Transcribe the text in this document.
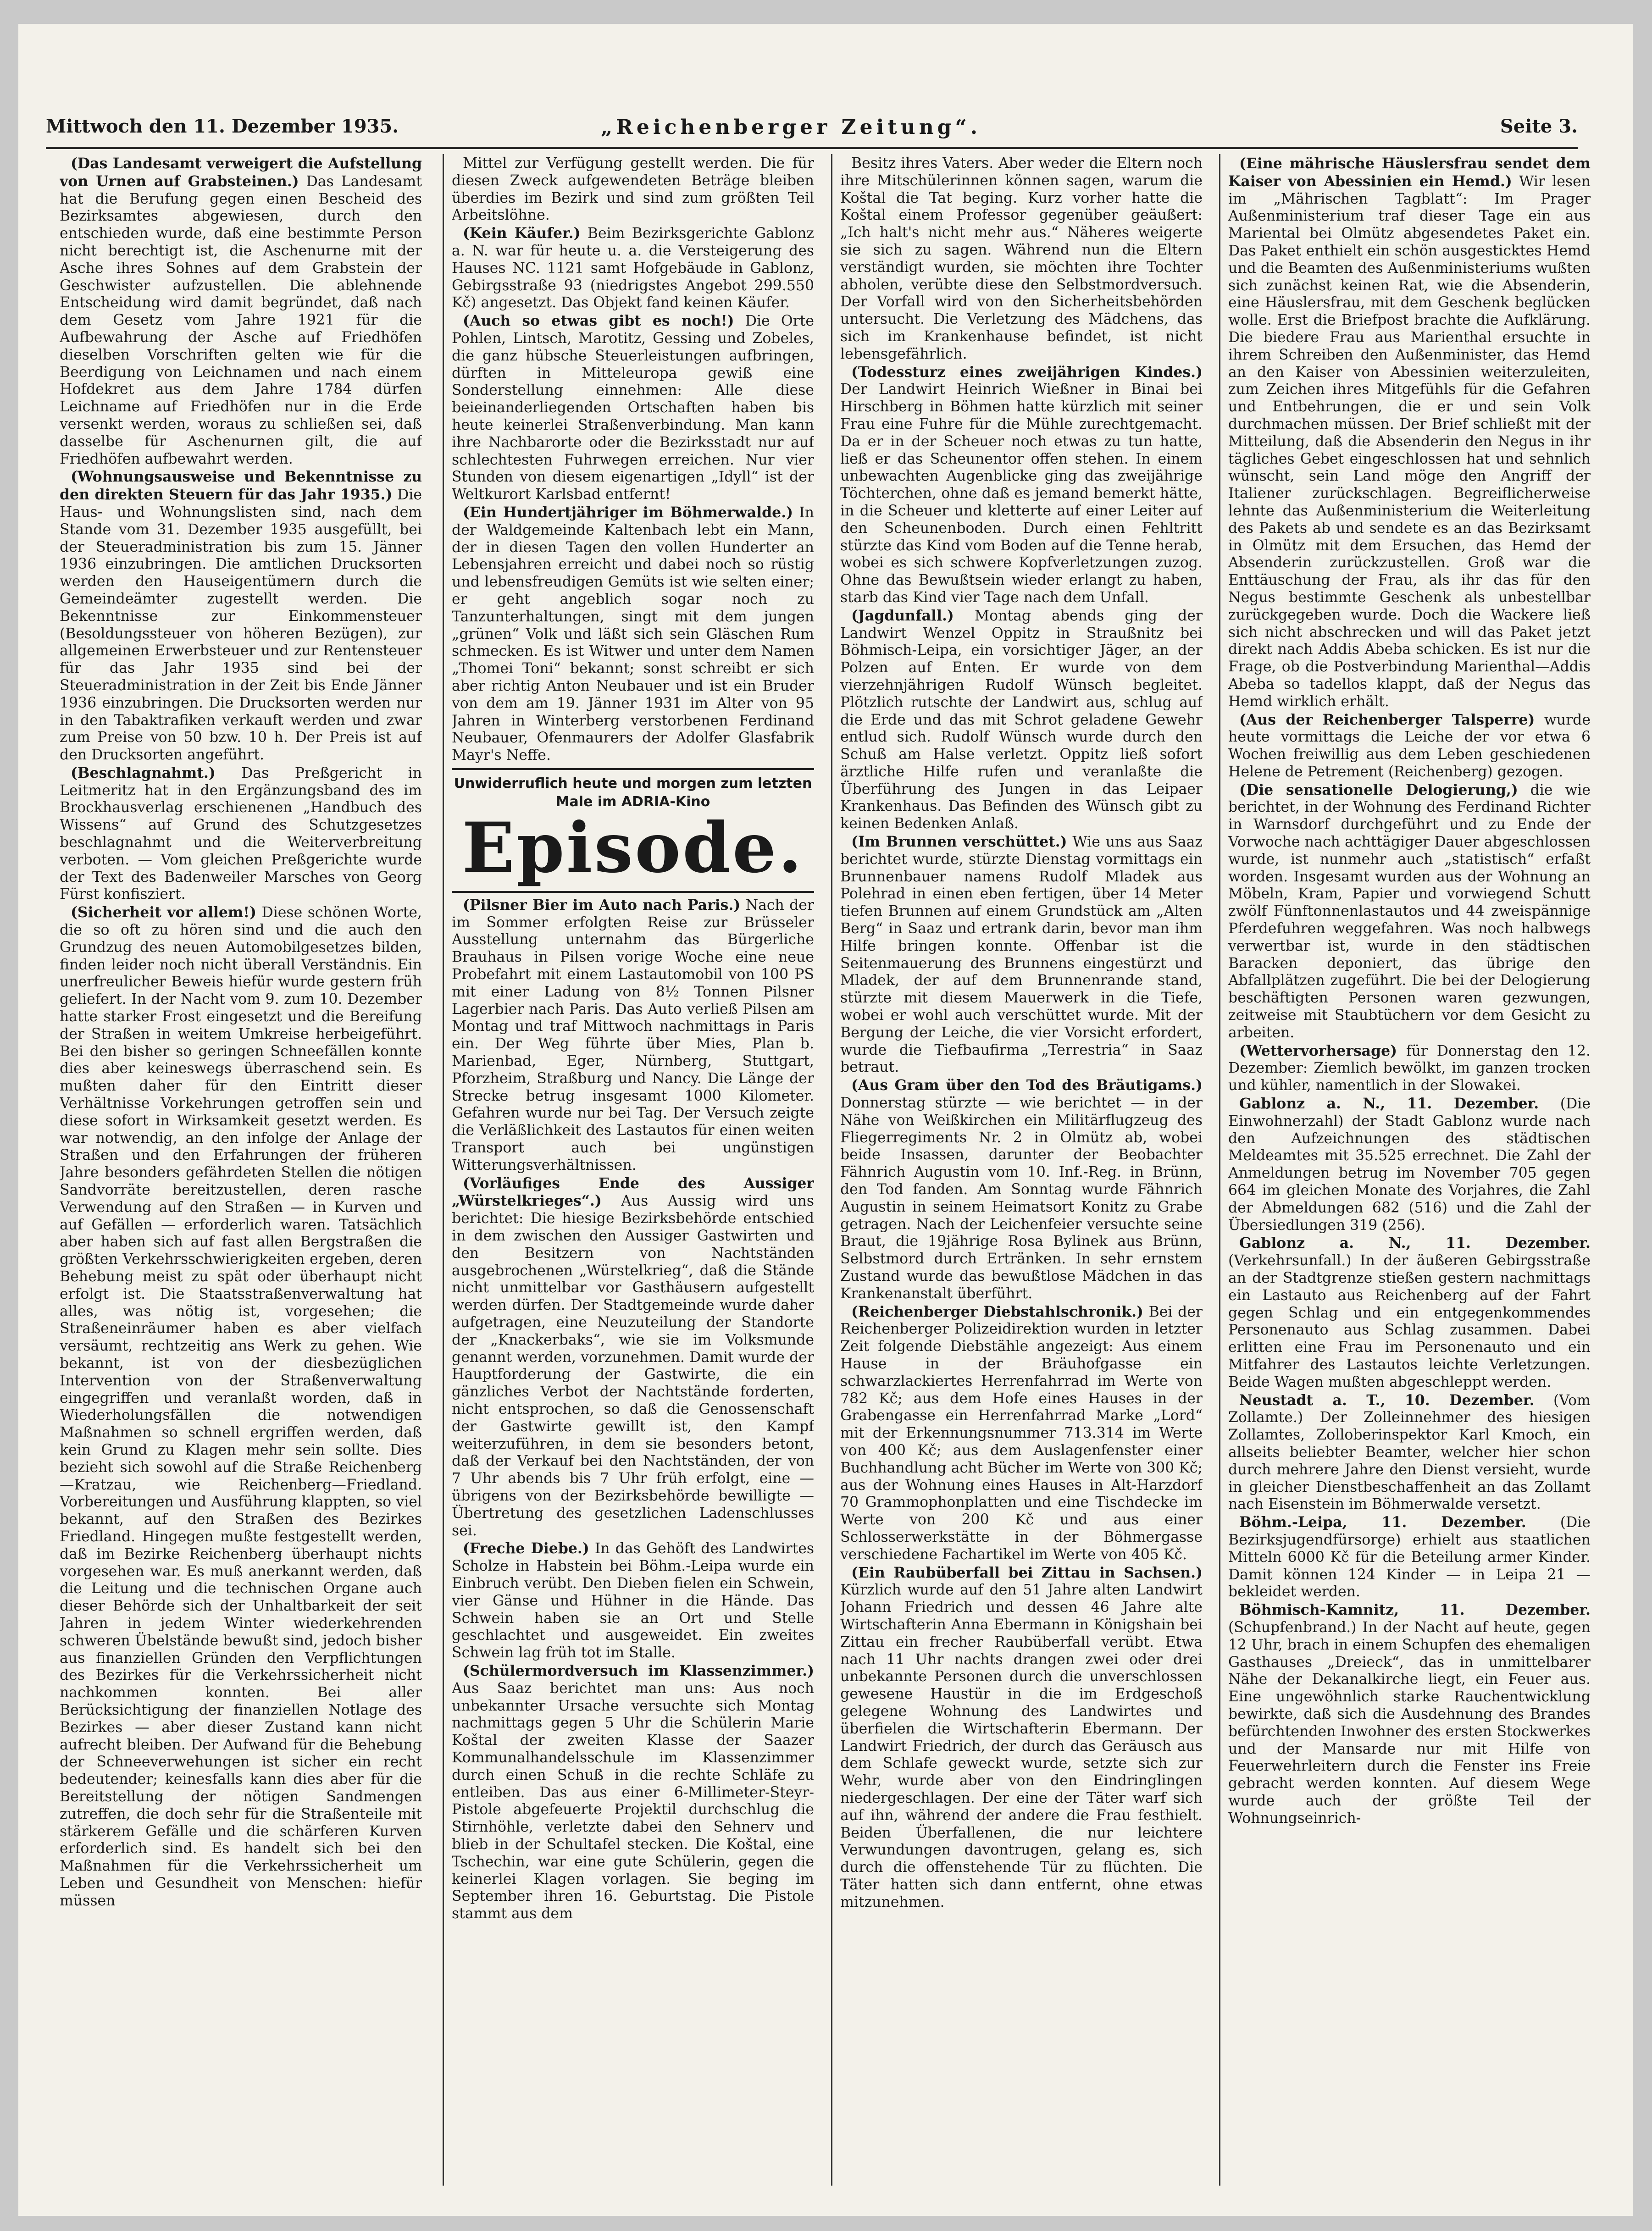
Mittwoch den 11. Dezember 1935.	„Reichenberger Zeitung“.	Seite 3.

(Das Landesamt verweigert die Aufstellung von Urnen auf Grabsteinen.) Das Landesamt hat die Berufung gegen einen Bescheid des Bezirksamtes abgewiesen, durch den entschieden wurde, daß eine bestimmte Person nicht berechtigt ist, die Aschenurne mit der Asche ihres Sohnes auf dem Grabstein der Geschwister aufzustellen. Die ablehnende Entscheidung wird damit begründet, daß nach dem Gesetz vom Jahre 1921 für die Aufbewahrung der Asche auf Friedhöfen dieselben Vorschriften gelten wie für die Beerdigung von Leichnamen und nach einem Hofdekret aus dem Jahre 1784 dürfen Leichname auf Friedhöfen nur in die Erde versenkt werden, woraus zu schließen sei, daß dasselbe für Aschenurnen gilt, die auf Friedhöfen aufbewahrt werden.

(Wohnungsausweise und Bekenntnisse zu den direkten Steuern für das Jahr 1935.) Die Haus- und Wohnungslisten sind, nach dem Stande vom 31. Dezember 1935 ausgefüllt, bei der Steueradministration bis zum 15. Jänner 1936 einzubringen. Die amtlichen Drucksorten werden den Hauseigentümern durch die Gemeindeämter zugestellt werden. Die Bekenntnisse zur Einkommensteuer (Besoldungssteuer von höheren Bezügen), zur allgemeinen Erwerbsteuer und zur Rentensteuer für das Jahr 1935 sind bei der Steueradministration in der Zeit bis Ende Jänner 1936 einzubringen. Die Drucksorten werden nur in den Tabaktrafiken verkauft werden und zwar zum Preise von 50 bzw. 10 h. Der Preis ist auf den Drucksorten angeführt.

(Beschlagnahmt.) Das Preßgericht in Leitmeritz hat in den Ergänzungsband des im Brockhausverlag erschienenen „Handbuch des Wissens“ auf Grund des Schutzgesetzes beschlagnahmt und die Weiterverbreitung verboten. — Vom gleichen Preßgerichte wurde der Text des Badenweiler Marsches von Georg Fürst konfisziert.

(Sicherheit vor allem!) Diese schönen Worte, die so oft zu hören sind und die auch den Grundzug des neuen Automobilgesetzes bilden, finden leider noch nicht überall Verständnis. Ein unerfreulicher Beweis hiefür wurde gestern früh geliefert. In der Nacht vom 9. zum 10. Dezember hatte starker Frost eingesetzt und die Bereifung der Straßen in weitem Umkreise herbeigeführt. Bei den bisher so geringen Schneefällen konnte dies aber keineswegs überraschend sein. Es mußten daher für den Eintritt dieser Verhältnisse Vorkehrungen getroffen sein und diese sofort in Wirksamkeit gesetzt werden. Es war notwendig, an den infolge der Anlage der Straßen und den Erfahrungen der früheren Jahre besonders gefährdeten Stellen die nötigen Sandvorräte bereitzustellen, deren rasche Verwendung auf den Straßen — in Kurven und auf Gefällen — erforderlich waren. Tatsächlich aber haben sich auf fast allen Bergstraßen die größten Verkehrsschwierigkeiten ergeben, deren Behebung meist zu spät oder überhaupt nicht erfolgt ist. Die Staatsstraßenverwaltung hat alles, was nötig ist, vorgesehen; die Straßeneinräumer haben es aber vielfach versäumt, rechtzeitig ans Werk zu gehen. Wie bekannt, ist von der diesbezüglichen Intervention von der Straßenverwaltung eingegriffen und veranlaßt worden, daß in Wiederholungsfällen die notwendigen Maßnahmen so schnell ergriffen werden, daß kein Grund zu Klagen mehr sein sollte. Dies bezieht sich sowohl auf die Straße Reichenberg—Kratzau, wie Reichenberg—Friedland. Vorbereitungen und Ausführung klappten, so viel bekannt, auf den Straßen des Bezirkes Friedland. Hingegen mußte festgestellt werden, daß im Bezirke Reichenberg überhaupt nichts vorgesehen war. Es muß anerkannt werden, daß die Leitung und die technischen Organe auch dieser Behörde sich der Unhaltbarkeit der seit Jahren in jedem Winter wiederkehrenden schweren Übelstände bewußt sind, jedoch bisher aus finanziellen Gründen den Verpflichtungen des Bezirkes für die Verkehrssicherheit nicht nachkommen konnten. Bei aller Berücksichtigung der finanziellen Notlage des Bezirkes — aber dieser Zustand kann nicht aufrecht bleiben. Der Aufwand für die Behebung der Schneeverwehungen ist sicher ein recht bedeutender; keinesfalls kann dies aber für die Bereitstellung der nötigen Sandmengen zutreffen, die doch sehr für die Straßenteile mit stärkerem Gefälle und die schärferen Kurven erforderlich sind. Es handelt sich bei den Maßnahmen für die Verkehrssicherheit um Leben und Gesundheit von Menschen: hiefür müssen

Mittel zur Verfügung gestellt werden. Die für diesen Zweck aufgewendeten Beträge bleiben überdies im Bezirk und sind zum größten Teil Arbeitslöhne.

(Kein Käufer.) Beim Bezirksgerichte Gablonz a. N. war für heute u. a. die Versteigerung des Hauses NC. 1121 samt Hofgebäude in Gablonz, Gebirgsstraße 93 (niedrigstes Angebot 299.550 Kč) angesetzt. Das Objekt fand keinen Käufer.

(Auch so etwas gibt es noch!) Die Orte Pohlen, Lintsch, Marotitz, Gessing und Zobeles, die ganz hübsche Steuerleistungen aufbringen, dürften in Mitteleuropa gewiß eine Sonderstellung einnehmen: Alle diese beieinanderliegenden Ortschaften haben bis heute keinerlei Straßenverbindung. Man kann ihre Nachbarorte oder die Bezirksstadt nur auf schlechtesten Fuhrwegen erreichen. Nur vier Stunden von diesem eigenartigen „Idyll“ ist der Weltkurort Karlsbad entfernt!

(Ein Hundertjähriger im Böhmerwalde.) In der Waldgemeinde Kaltenbach lebt ein Mann, der in diesen Tagen den vollen Hunderter an Lebensjahren erreicht und dabei noch so rüstig und lebensfreudigen Gemüts ist wie selten einer; er geht angeblich sogar noch zu Tanzunterhaltungen, singt mit dem jungen „grünen“ Volk und läßt sich sein Gläschen Rum schmecken. Es ist Witwer und unter dem Namen „Thomei Toni“ bekannt; sonst schreibt er sich aber richtig Anton Neubauer und ist ein Bruder von dem am 19. Jänner 1931 im Alter von 95 Jahren in Winterberg verstorbenen Ferdinand Neubauer, Ofenmaurers der Adolfer Glasfabrik Mayr's Neffe.

Unwiderruflich heute und morgen zum letzten
Male im ADRIA-Kino
Episode.

(Pilsner Bier im Auto nach Paris.) Nach der im Sommer erfolgten Reise zur Brüsseler Ausstellung unternahm das Bürgerliche Brauhaus in Pilsen vorige Woche eine neue Probefahrt mit einem Lastautomobil von 100 PS mit einer Ladung von 8½ Tonnen Pilsner Lagerbier nach Paris. Das Auto verließ Pilsen am Montag und traf Mittwoch nachmittags in Paris ein. Der Weg führte über Mies, Plan b. Marienbad, Eger, Nürnberg, Stuttgart, Pforzheim, Straßburg und Nancy. Die Länge der Strecke betrug insgesamt 1000 Kilometer. Gefahren wurde nur bei Tag. Der Versuch zeigte die Verläßlichkeit des Lastautos für einen weiten Transport auch bei ungünstigen Witterungsverhältnissen.

(Vorläufiges Ende des Aussiger „Würstelkrieges“.) Aus Aussig wird uns berichtet: Die hiesige Bezirksbehörde entschied in dem zwischen den Aussiger Gastwirten und den Besitzern von Nachtständen ausgebrochenen „Würstelkrieg“, daß die Stände nicht unmittelbar vor Gasthäusern aufgestellt werden dürfen. Der Stadtgemeinde wurde daher aufgetragen, eine Neuzuteilung der Standorte der „Knackerbaks“, wie sie im Volksmunde genannt werden, vorzunehmen. Damit wurde der Hauptforderung der Gastwirte, die ein gänzliches Verbot der Nachtstände forderten, nicht entsprochen, so daß die Genossenschaft der Gastwirte gewillt ist, den Kampf weiterzuführen, in dem sie besonders betont, daß der Verkauf bei den Nachtständen, der von 7 Uhr abends bis 7 Uhr früh erfolgt, eine — übrigens von der Bezirksbehörde bewilligte — Übertretung des gesetzlichen Ladenschlusses sei.

(Freche Diebe.) In das Gehöft des Landwirtes Scholze in Habstein bei Böhm.-Leipa wurde ein Einbruch verübt. Den Dieben fielen ein Schwein, vier Gänse und Hühner in die Hände. Das Schwein haben sie an Ort und Stelle geschlachtet und ausgeweidet. Ein zweites Schwein lag früh tot im Stalle.

(Schülermordversuch im Klassenzimmer.) Aus Saaz berichtet man uns: Aus noch unbekannter Ursache versuchte sich Montag nachmittags gegen 5 Uhr die Schülerin Marie Koštal der zweiten Klasse der Saazer Kommunalhandelsschule im Klassenzimmer durch einen Schuß in die rechte Schläfe zu entleiben. Das aus einer 6-Millimeter-Steyr-Pistole abgefeuerte Projektil durchschlug die Stirnhöhle, verletzte dabei den Sehnerv und blieb in der Schultafel stecken. Die Koštal, eine Tschechin, war eine gute Schülerin, gegen die keinerlei Klagen vorlagen. Sie beging im September ihren 16. Geburtstag. Die Pistole stammt aus dem

Besitz ihres Vaters. Aber weder die Eltern noch ihre Mitschülerinnen können sagen, warum die Koštal die Tat beging. Kurz vorher hatte die Koštal einem Professor gegenüber geäußert: „Ich halt's nicht mehr aus.“ Näheres weigerte sie sich zu sagen. Während nun die Eltern verständigt wurden, sie möchten ihre Tochter abholen, verübte diese den Selbstmordversuch. Der Vorfall wird von den Sicherheitsbehörden untersucht. Die Verletzung des Mädchens, das sich im Krankenhause befindet, ist nicht lebensgefährlich.

(Todessturz eines zweijährigen Kindes.) Der Landwirt Heinrich Wießner in Binai bei Hirschberg in Böhmen hatte kürzlich mit seiner Frau eine Fuhre für die Mühle zurechtgemacht. Da er in der Scheuer noch etwas zu tun hatte, ließ er das Scheunentor offen stehen. In einem unbewachten Augenblicke ging das zweijährige Töchterchen, ohne daß es jemand bemerkt hätte, in die Scheuer und kletterte auf einer Leiter auf den Scheunenboden. Durch einen Fehltritt stürzte das Kind vom Boden auf die Tenne herab, wobei es sich schwere Kopfverletzungen zuzog. Ohne das Bewußtsein wieder erlangt zu haben, starb das Kind vier Tage nach dem Unfall.

(Jagdunfall.) Montag abends ging der Landwirt Wenzel Oppitz in Straußnitz bei Böhmisch-Leipa, ein vorsichtiger Jäger, an der Polzen auf Enten. Er wurde von dem vierzehnjährigen Rudolf Wünsch begleitet. Plötzlich rutschte der Landwirt aus, schlug auf die Erde und das mit Schrot geladene Gewehr entlud sich. Rudolf Wünsch wurde durch den Schuß am Halse verletzt. Oppitz ließ sofort ärztliche Hilfe rufen und veranlaßte die Überführung des Jungen in das Leipaer Krankenhaus. Das Befinden des Wünsch gibt zu keinen Bedenken Anlaß.

(Im Brunnen verschüttet.) Wie uns aus Saaz berichtet wurde, stürzte Dienstag vormittags ein Brunnenbauer namens Rudolf Mladek aus Polehrad in einen eben fertigen, über 14 Meter tiefen Brunnen auf einem Grundstück am „Alten Berg“ in Saaz und ertrank darin, bevor man ihm Hilfe bringen konnte. Offenbar ist die Seitenmauerung des Brunnens eingestürzt und Mladek, der auf dem Brunnenrande stand, stürzte mit diesem Mauerwerk in die Tiefe, wobei er wohl auch verschüttet wurde. Mit der Bergung der Leiche, die vier Vorsicht erfordert, wurde die Tiefbaufirma „Terrestria“ in Saaz betraut.

(Aus Gram über den Tod des Bräutigams.) Donnerstag stürzte — wie berichtet — in der Nähe von Weißkirchen ein Militärflugzeug des Fliegerregiments Nr. 2 in Olmütz ab, wobei beide Insassen, darunter der Beobachter Fähnrich Augustin vom 10. Inf.-Reg. in Brünn, den Tod fanden. Am Sonntag wurde Fähnrich Augustin in seinem Heimatsort Konitz zu Grabe getragen. Nach der Leichenfeier versuchte seine Braut, die 19jährige Rosa Bylinek aus Brünn, Selbstmord durch Ertränken. In sehr ernstem Zustand wurde das bewußtlose Mädchen in das Krankenanstalt überführt.

(Reichenberger Diebstahlschronik.) Bei der Reichenberger Polizeidirektion wurden in letzter Zeit folgende Diebstähle angezeigt: Aus einem Hause in der Bräuhofgasse ein schwarzlackiertes Herrenfahrrad im Werte von 782 Kč; aus dem Hofe eines Hauses in der Grabengasse ein Herrenfahrrad Marke „Lord“ mit der Erkennungsnummer 713.314 im Werte von 400 Kč; aus dem Auslagenfenster einer Buchhandlung acht Bücher im Werte von 300 Kč; aus der Wohnung eines Hauses in Alt-Harzdorf 70 Grammophonplatten und eine Tischdecke im Werte von 200 Kč und aus einer Schlosserwerkstätte in der Böhmergasse verschiedene Fachartikel im Werte von 405 Kč.

(Ein Raubüberfall bei Zittau in Sachsen.) Kürzlich wurde auf den 51 Jahre alten Landwirt Johann Friedrich und dessen 46 Jahre alte Wirtschafterin Anna Ebermann in Königshain bei Zittau ein frecher Raubüberfall verübt. Etwa nach 11 Uhr nachts drangen zwei oder drei unbekannte Personen durch die unverschlossen gewesene Haustür in die im Erdgeschoß gelegene Wohnung des Landwirtes und überfielen die Wirtschafterin Ebermann. Der Landwirt Friedrich, der durch das Geräusch aus dem Schlafe geweckt wurde, setzte sich zur Wehr, wurde aber von den Eindringlingen niedergeschlagen. Der eine der Täter warf sich auf ihn, während der andere die Frau festhielt. Beiden Überfallenen, die nur leichtere Verwundungen davontrugen, gelang es, sich durch die offenstehende Tür zu flüchten. Die Täter hatten sich dann entfernt, ohne etwas mitzunehmen.

(Eine mährische Häuslersfrau sendet dem Kaiser von Abessinien ein Hemd.) Wir lesen im „Mährischen Tagblatt“: Im Prager Außenministerium traf dieser Tage ein aus Mariental bei Olmütz abgesendetes Paket ein. Das Paket enthielt ein schön ausgesticktes Hemd und die Beamten des Außenministeriums wußten sich zunächst keinen Rat, wie die Absenderin, eine Häuslersfrau, mit dem Geschenk beglücken wolle. Erst die Briefpost brachte die Aufklärung. Die biedere Frau aus Marienthal ersuchte in ihrem Schreiben den Außenminister, das Hemd an den Kaiser von Abessinien weiterzuleiten, zum Zeichen ihres Mitgefühls für die Gefahren und Entbehrungen, die er und sein Volk durchmachen müssen. Der Brief schließt mit der Mitteilung, daß die Absenderin den Negus in ihr tägliches Gebet eingeschlossen hat und sehnlich wünscht, sein Land möge den Angriff der Italiener zurückschlagen. Begreiflicherweise lehnte das Außenministerium die Weiterleitung des Pakets ab und sendete es an das Bezirksamt in Olmütz mit dem Ersuchen, das Hemd der Absenderin zurückzustellen. Groß war die Enttäuschung der Frau, als ihr das für den Negus bestimmte Geschenk als unbestellbar zurückgegeben wurde. Doch die Wackere ließ sich nicht abschrecken und will das Paket jetzt direkt nach Addis Abeba schicken. Es ist nur die Frage, ob die Postverbindung Marienthal—Addis Abeba so tadellos klappt, daß der Negus das Hemd wirklich erhält.

(Aus der Reichenberger Talsperre) wurde heute vormittags die Leiche der vor etwa 6 Wochen freiwillig aus dem Leben geschiedenen Helene de Petrement (Reichenberg) gezogen.

(Die sensationelle Delogierung,) die wie berichtet, in der Wohnung des Ferdinand Richter in Warnsdorf durchgeführt und zu Ende der Vorwoche nach achttägiger Dauer abgeschlossen wurde, ist nunmehr auch „statistisch“ erfaßt worden. Insgesamt wurden aus der Wohnung an Möbeln, Kram, Papier und vorwiegend Schutt zwölf Fünftonnenlastautos und 44 zweispännige Pferdefuhren weggefahren. Was noch halbwegs verwertbar ist, wurde in den städtischen Baracken deponiert, das übrige den Abfallplätzen zugeführt. Die bei der Delogierung beschäftigten Personen waren gezwungen, zeitweise mit Staubtüchern vor dem Gesicht zu arbeiten.

(Wettervorhersage) für Donnerstag den 12. Dezember: Ziemlich bewölkt, im ganzen trocken und kühler, namentlich in der Slowakei.

Gablonz a. N., 11. Dezember. (Die Einwohnerzahl) der Stadt Gablonz wurde nach den Aufzeichnungen des städtischen Meldeamtes mit 35.525 errechnet. Die Zahl der Anmeldungen betrug im November 705 gegen 664 im gleichen Monate des Vorjahres, die Zahl der Abmeldungen 682 (516) und die Zahl der Übersiedlungen 319 (256).

Gablonz a. N., 11. Dezember. (Verkehrsunfall.) In der äußeren Gebirgsstraße an der Stadtgrenze stießen gestern nachmittags ein Lastauto aus Reichenberg auf der Fahrt gegen Schlag und ein entgegenkommendes Personenauto aus Schlag zusammen. Dabei erlitten eine Frau im Personenauto und ein Mitfahrer des Lastautos leichte Verletzungen. Beide Wagen mußten abgeschleppt werden.

Neustadt a. T., 10. Dezember. (Vom Zollamte.) Der Zolleinnehmer des hiesigen Zollamtes, Zolloberinspektor Karl Kmoch, ein allseits beliebter Beamter, welcher hier schon durch mehrere Jahre den Dienst versieht, wurde in gleicher Dienstbeschaffenheit an das Zollamt nach Eisenstein im Böhmerwalde versetzt.

Böhm.-Leipa, 11. Dezember. (Die Bezirksjugendfürsorge) erhielt aus staatlichen Mitteln 6000 Kč für die Beteilung armer Kinder. Damit können 124 Kinder — in Leipa 21 — bekleidet werden.

Böhmisch-Kamnitz, 11. Dezember. (Schupfenbrand.) In der Nacht auf heute, gegen 12 Uhr, brach in einem Schupfen des ehemaligen Gasthauses „Dreieck“, das in unmittelbarer Nähe der Dekanalkirche liegt, ein Feuer aus. Eine ungewöhnlich starke Rauchentwicklung bewirkte, daß sich die Ausdehnung des Brandes befürchtenden Inwohner des ersten Stockwerkes und der Mansarde nur mit Hilfe von Feuerwehrleitern durch die Fenster ins Freie gebracht werden konnten. Auf diesem Wege wurde auch der größte Teil der Wohnungseinrich-
